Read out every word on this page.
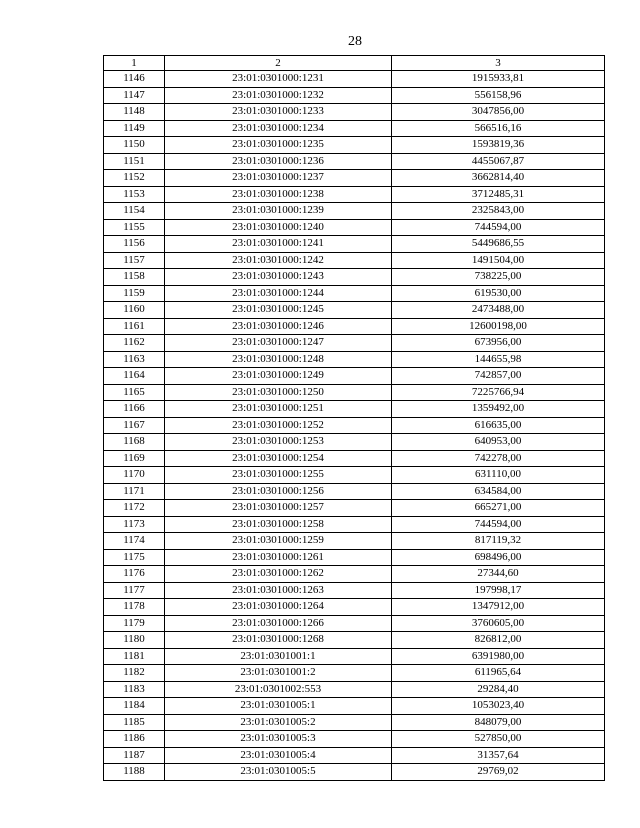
28
1	2	3
1146	23:01:0301000:1231	1915933,81
1147	23:01:0301000:1232	556158,96
1148	23:01:0301000:1233	3047856,00
1149	23:01:0301000:1234	566516,16
1150	23:01:0301000:1235	1593819,36
1151	23:01:0301000:1236	4455067,87
1152	23:01:0301000:1237	3662814,40
1153	23:01:0301000:1238	3712485,31
1154	23:01:0301000:1239	2325843,00
1155	23:01:0301000:1240	744594,00
1156	23:01:0301000:1241	5449686,55
1157	23:01:0301000:1242	1491504,00
1158	23:01:0301000:1243	738225,00
1159	23:01:0301000:1244	619530,00
1160	23:01:0301000:1245	2473488,00
1161	23:01:0301000:1246	12600198,00
1162	23:01:0301000:1247	673956,00
1163	23:01:0301000:1248	144655,98
1164	23:01:0301000:1249	742857,00
1165	23:01:0301000:1250	7225766,94
1166	23:01:0301000:1251	1359492,00
1167	23:01:0301000:1252	616635,00
1168	23:01:0301000:1253	640953,00
1169	23:01:0301000:1254	742278,00
1170	23:01:0301000:1255	631110,00
1171	23:01:0301000:1256	634584,00
1172	23:01:0301000:1257	665271,00
1173	23:01:0301000:1258	744594,00
1174	23:01:0301000:1259	817119,32
1175	23:01:0301000:1261	698496,00
1176	23:01:0301000:1262	27344,60
1177	23:01:0301000:1263	197998,17
1178	23:01:0301000:1264	1347912,00
1179	23:01:0301000:1266	3760605,00
1180	23:01:0301000:1268	826812,00
1181	23:01:0301001:1	6391980,00
1182	23:01:0301001:2	611965,64
1183	23:01:0301002:553	29284,40
1184	23:01:0301005:1	1053023,40
1185	23:01:0301005:2	848079,00
1186	23:01:0301005:3	527850,00
1187	23:01:0301005:4	31357,64
1188	23:01:0301005:5	29769,02
